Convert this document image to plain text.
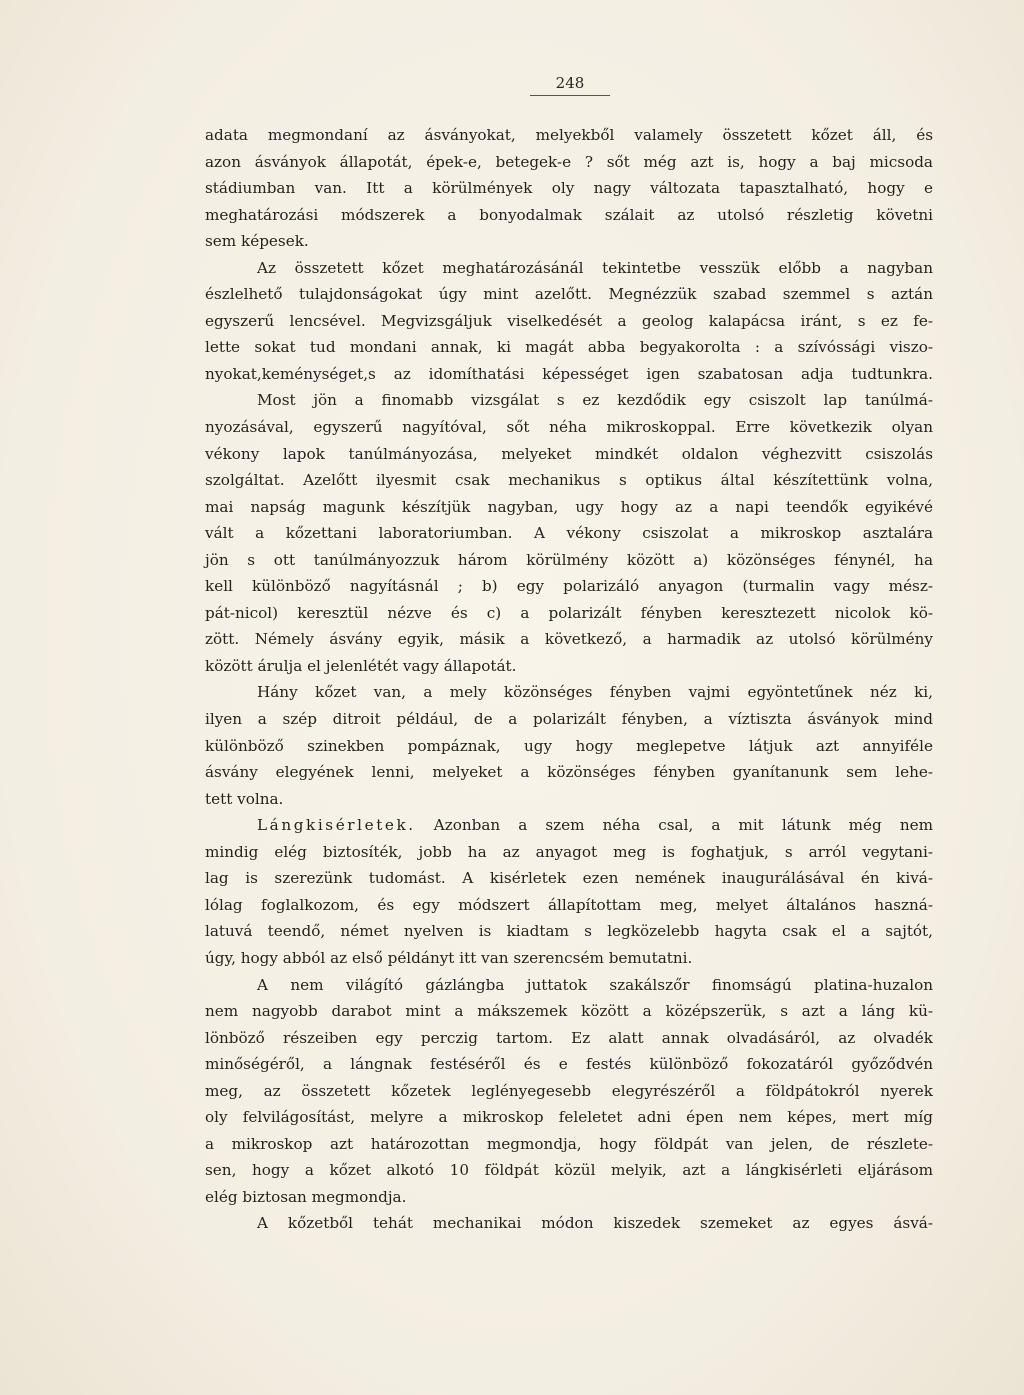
248
adata megmondaní az ásványokat, melyekből valamely összetett kőzet áll, és
azon ásványok állapotát, épek-e, betegek-e ? sőt még azt is, hogy a baj micsoda
stádiumban van. Itt a körülmények oly nagy változata tapasztalható, hogy e
meghatározási módszerek a bonyodalmak szálait az utolsó részletig követni
sem képesek.
Az összetett kőzet meghatározásánál tekintetbe vesszük előbb a nagyban
észlelhető tulajdonságokat úgy mint azelőtt. Megnézzük szabad szemmel s aztán
egyszerű lencsével. Megvizsgáljuk viselkedését a geolog kalapácsa iránt, s ez fe-
lette sokat tud mondani annak, ki magát abba begyakorolta : a szívóssági viszo-
nyokat,keménységet,s az idomíthatási képességet igen szabatosan adja tudtunkra.
Most jön a finomabb vizsgálat s ez kezdődik egy csiszolt lap tanúlmá-
nyozásával, egyszerű nagyítóval, sőt néha mikroskoppal. Erre következik olyan
vékony lapok tanúlmányozása, melyeket mindkét oldalon véghezvitt csiszolás
szolgáltat. Azelőtt ilyesmit csak mechanikus s optikus által készítettünk volna,
mai napság magunk készítjük nagyban, ugy hogy az a napi teendők egyikévé
vált a kőzettani laboratoriumban. A vékony csiszolat a mikroskop asztalára
jön s ott tanúlmányozzuk három körülmény között a) közönséges fénynél, ha
kell különböző nagyításnál ; b) egy polarizáló anyagon (turmalin vagy mész-
pát-nicol) keresztül nézve és c) a polarizált fényben keresztezett nicolok kö-
zött. Némely ásvány egyik, másik a következő, a harmadik az utolsó körülmény
között árulja el jelenlétét vagy állapotát.
Hány kőzet van, a mely közönséges fényben vajmi egyöntetűnek néz ki,
ilyen a szép ditroit például, de a polarizált fényben, a víztiszta ásványok mind
különböző szinekben pompáznak, ugy hogy meglepetve látjuk azt annyiféle
ásvány elegyének lenni, melyeket a közönséges fényben gyanítanunk sem lehe-
tett volna.
Lángkisérletek. Azonban a szem néha csal, a mit látunk még nem
mindig elég biztosíték, jobb ha az anyagot meg is foghatjuk, s arról vegytani-
lag is szerezünk tudomást. A kisérletek ezen nemének inaugurálásával én kivá-
lólag foglalkozom, és egy módszert állapítottam meg, melyet általános haszná-
latuvá teendő, német nyelven is kiadtam s legközelebb hagyta csak el a sajtót,
úgy, hogy abból az első példányt itt van szerencsém bemutatni.
A nem világító gázlángba juttatok szakálszőr finomságú platina-huzalon
nem nagyobb darabot mint a mákszemek között a középszerük, s azt a láng kü-
lönböző részeiben egy perczig tartom. Ez alatt annak olvadásáról, az olvadék
minőségéről, a lángnak festéséről és e festés különböző fokozatáról győződvén
meg, az összetett kőzetek leglényegesebb elegyrészéről a földpátokról nyerek
oly felvilágosítást, melyre a mikroskop feleletet adni épen nem képes, mert míg
a mikroskop azt határozottan megmondja, hogy földpát van jelen, de részlete-
sen, hogy a kőzet alkotó 10 földpát közül melyik, azt a lángkisérleti eljárásom
elég biztosan megmondja.
A kőzetből tehát mechanikai módon kiszedek szemeket az egyes ásvá-
